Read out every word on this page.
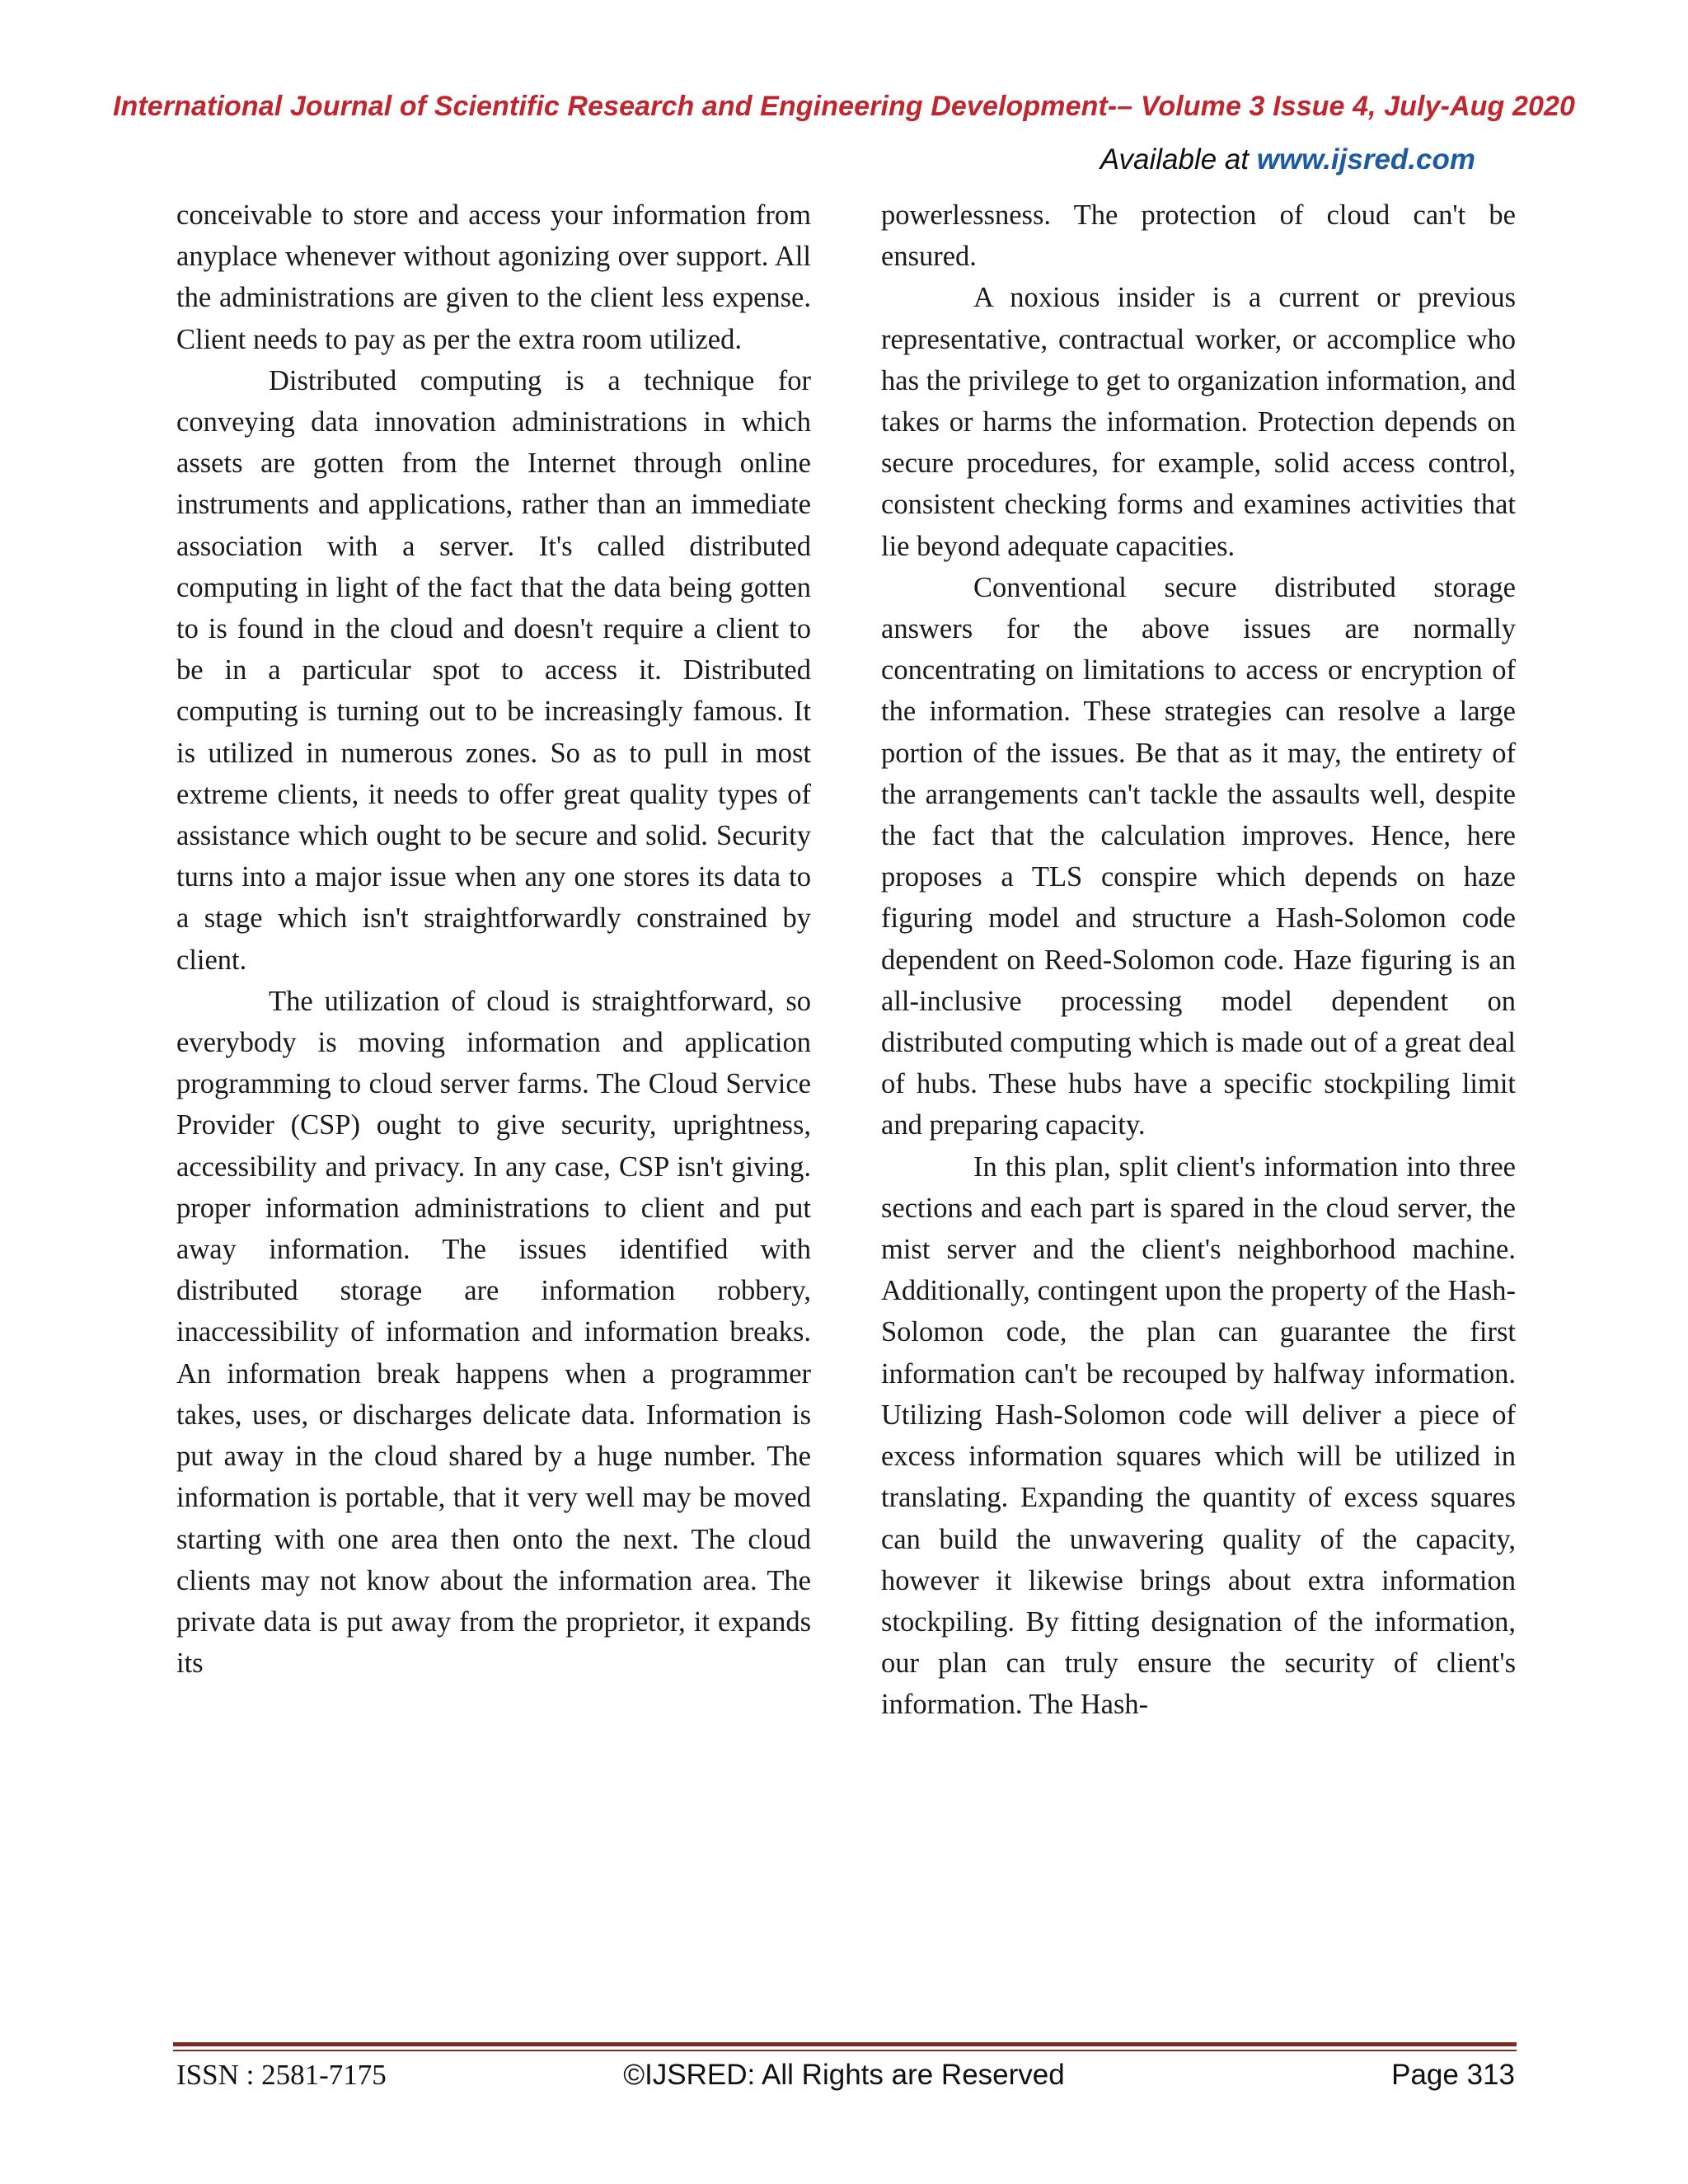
International Journal of Scientific Research and Engineering Development-– Volume 3 Issue 4, July-Aug 2020
Available at www.ijsred.com

conceivable to store and access your information from anyplace whenever without agonizing over support. All the administrations are given to the client less expense. Client needs to pay as per the extra room utilized.

Distributed computing is a technique for conveying data innovation administrations in which assets are gotten from the Internet through online instruments and applications, rather than an immediate association with a server. It's called distributed computing in light of the fact that the data being gotten to is found in the cloud and doesn't require a client to be in a particular spot to access it. Distributed computing is turning out to be increasingly famous. It is utilized in numerous zones. So as to pull in most extreme clients, it needs to offer great quality types of assistance which ought to be secure and solid. Security turns into a major issue when any one stores its data to a stage which isn't straightforwardly constrained by client.

The utilization of cloud is straightforward, so everybody is moving information and application programming to cloud server farms. The Cloud Service Provider (CSP) ought to give security, uprightness, accessibility and privacy. In any case, CSP isn't giving. proper information administrations to client and put away information. The issues identified with distributed storage are information robbery, inaccessibility of information and information breaks. An information break happens when a programmer takes, uses, or discharges delicate data. Information is put away in the cloud shared by a huge number. The information is portable, that it very well may be moved starting with one area then onto the next. The cloud clients may not know about the information area. The private data is put away from the proprietor, it expands its

powerlessness. The protection of cloud can't be ensured.

A noxious insider is a current or previous representative, contractual worker, or accomplice who has the privilege to get to organization information, and takes or harms the information. Protection depends on secure procedures, for example, solid access control, consistent checking forms and examines activities that lie beyond adequate capacities.

Conventional secure distributed storage answers for the above issues are normally concentrating on limitations to access or encryption of the information. These strategies can resolve a large portion of the issues. Be that as it may, the entirety of the arrangements can't tackle the assaults well, despite the fact that the calculation improves. Hence, here proposes a TLS conspire which depends on haze figuring model and structure a Hash-Solomon code dependent on Reed-Solomon code. Haze figuring is an all-inclusive processing model dependent on distributed computing which is made out of a great deal of hubs. These hubs have a specific stockpiling limit and preparing capacity.

In this plan, split client's information into three sections and each part is spared in the cloud server, the mist server and the client's neighborhood machine. Additionally, contingent upon the property of the Hash-Solomon code, the plan can guarantee the first information can't be recouped by halfway information. Utilizing Hash-Solomon code will deliver a piece of excess information squares which will be utilized in translating. Expanding the quantity of excess squares can build the unwavering quality of the capacity, however it likewise brings about extra information stockpiling. By fitting designation of the information, our plan can truly ensure the security of client's information. The Hash-

ISSN : 2581-7175	©IJSRED: All Rights are Reserved	Page 313
